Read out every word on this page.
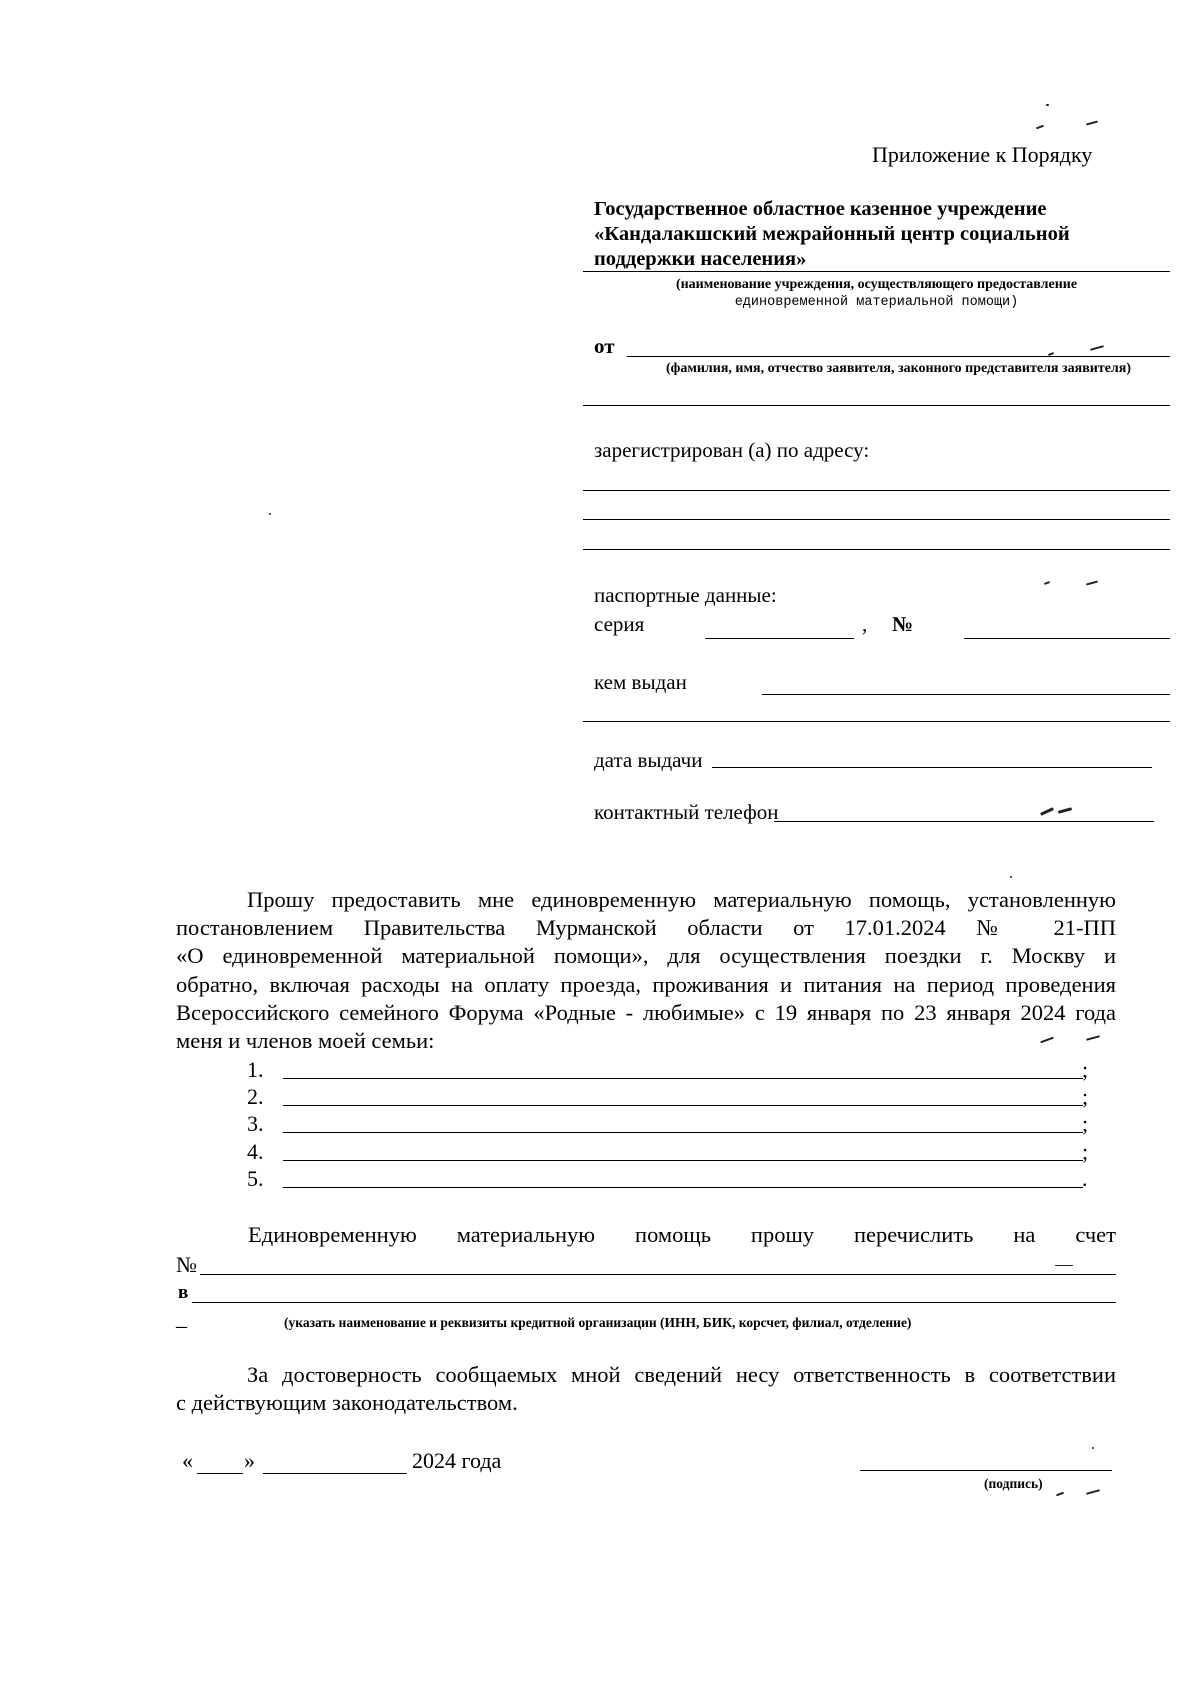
Приложение к Порядку
Государственное областное казенное учреждение
«Кандалакшский межрайонный центр социальной
поддержки населения»
(наименование учреждения, осуществляющего предоставление
единовременной материальной помощи)
от
(фамилия, имя, отчество заявителя, законного представителя заявителя)
зарегистрирован (а) по адресу:
паспортные данные:
серия	, №
кем выдан
дата выдачи
контактный телефон
Прошу предоставить мне единовременную материальную помощь, установленную
постановлением Правительства Мурманской области от 17.01.2024 № 21-ПП
«О единовременной материальной помощи», для осуществления поездки г. Москву и
обратно, включая расходы на оплату проезда, проживания и питания на период проведения
Всероссийского семейного Форума «Родные - любимые» с 19 января по 23 января 2024 года
меня и членов моей семьи:
1.	;
2.	;
3.	;
4.	;
5.	.
Единовременную материальную помощь прошу перечислить на счет
№
в
_	(указать наименование и реквизиты кредитной организации (ИНН, БИК, корсчет, филиал, отделение)
За достоверность сообщаемых мной сведений несу ответственность в соответствии
с действующим законодательством.
« »	2024 года
(подпись)
